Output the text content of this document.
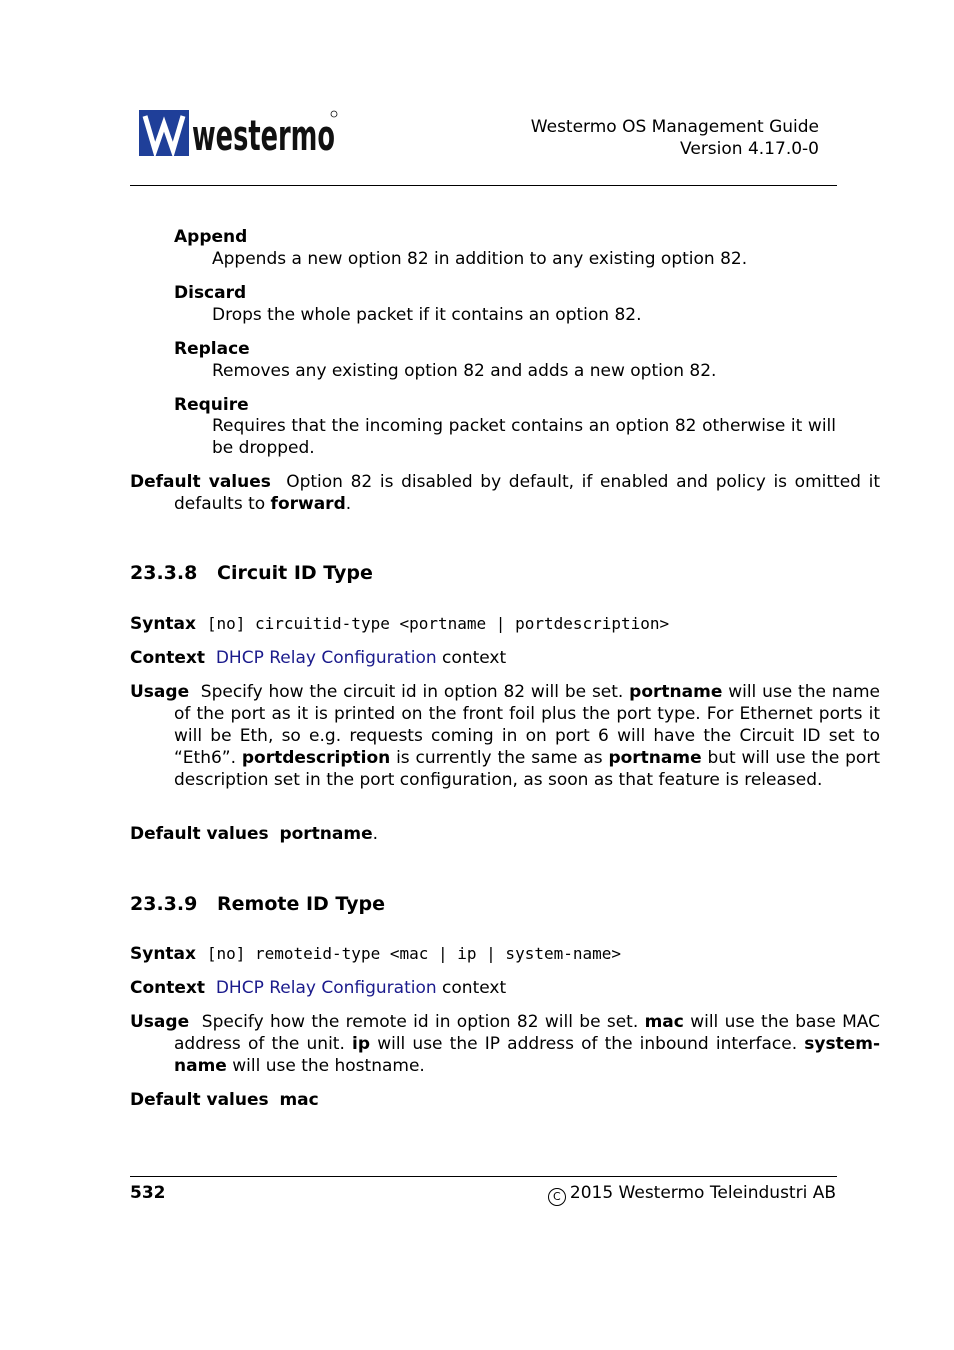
westermo	Westermo OS Management Guide
Version 4.17.0-0
Append
Appends a new option 82 in addition to any existing option 82.
Discard
Drops the whole packet if it contains an option 82.
Replace
Removes any existing option 82 and adds a new option 82.
Require
Requires that the incoming packet contains an option 82 otherwise it will be dropped.
Default values Option 82 is disabled by default, if enabled and policy is omitted it defaults to forward.
23.3.8 Circuit ID Type
Syntax [no] circuitid-type <portname | portdescription>
Context DHCP Relay Configuration context
Usage Specify how the circuit id in option 82 will be set. portname will use the name of the port as it is printed on the front foil plus the port type. For Ethernet ports it will be Eth, so e.g. requests coming in on port 6 will have the Circuit ID set to “Eth6”. portdescription is currently the same as portname but will use the port description set in the port configuration, as soon as that feature is released.
Default values portname.
23.3.9 Remote ID Type
Syntax [no] remoteid-type <mac | ip | system-name>
Context DHCP Relay Configuration context
Usage Specify how the remote id in option 82 will be set. mac will use the base MAC address of the unit. ip will use the IP address of the inbound interface. system-name will use the hostname.
Default values mac
532	C 2015 Westermo Teleindustri AB
